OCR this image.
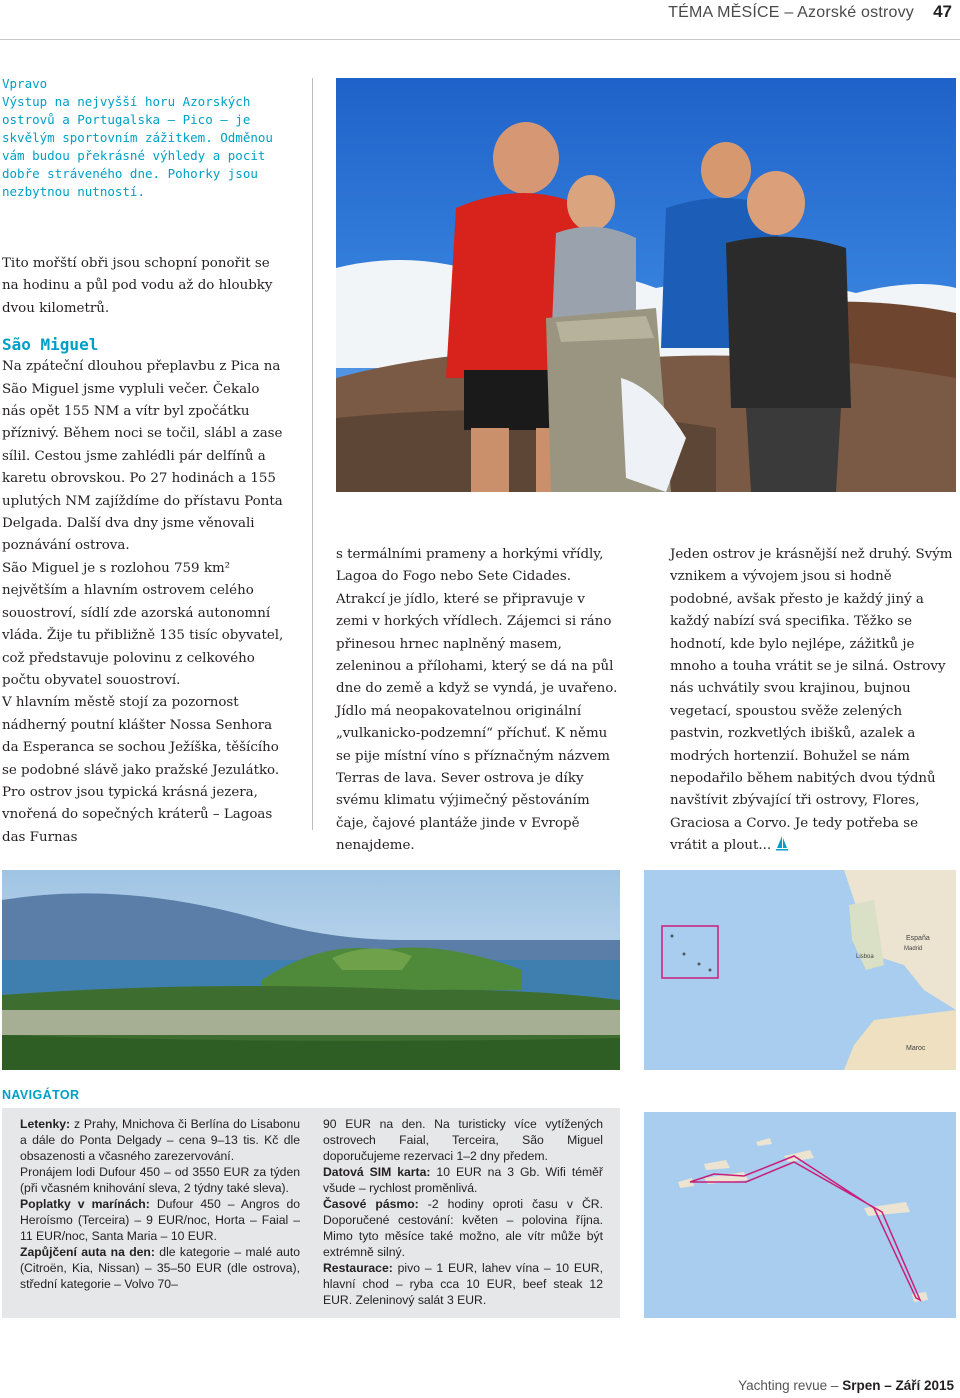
TÉMA MĚSÍCE – Azorské ostrovy 47
Vpravo
Výstup na nejvyšší horu Azorských ostrovů a Portugalska – Pico – je skvělým sportovním zážitkem. Odměnou vám budou překrásné výhledy a pocit dobře stráveného dne. Pohorky jsou nezbytnou nutností.

Tito mořští obři jsou schopní ponořit se na hodinu a půl pod vodu až do hloubky dvou kilometrů.

São Miguel

Na zpáteční dlouhou přeplavbu z Pica na São Miguel jsme vypluli večer. Čekalo nás opět 155 NM a vítr byl zpočátku příznivý. Během noci se točil, slábl a zase sílil. Cestou jsme zahlédli pár delfínů a karetu obrovskou. Po 27 hodinách a 155 uplutých NM zajíždíme do přístavu Ponta Delgada. Další dva dny jsme věnovali poznávání ostrova.

São Miguel je s rozlohou 759 km² největším a hlavním ostrovem celého souostroví, sídlí zde azorská autonomní vláda. Žije tu přibližně 135 tisíc obyvatel, což představuje polovinu z celkového počtu obyvatel souostroví.

V hlavním městě stojí za pozornost nádherný poutní klášter Nossa Senhora da Esperanca se sochou Ježíška, těšícího se podobné slávě jako pražské Jezulátko. Pro ostrov jsou typická krásná jezera, vnořená do sopečných kráterů – Lagoas das Furnas

s termálními prameny a horkými vřídly, Lagoa do Fogo nebo Sete Cidades. Atrakcí je jídlo, které se připravuje v zemi v horkých vřídlech. Zájemci si ráno přinesou hrnec naplněný masem, zeleninou a přílohami, který se dá na půl dne do země a když se vyndá, je uvařeno. Jídlo má neopakovatelnou originální „vulkanicko-podzemní“ příchuť. K němu se pije místní víno s příznačným názvem Terras de lava. Sever ostrova je díky svému klimatu výjimečný pěstováním čaje, čajové plantáže jinde v Evropě nenajdeme.

Jeden ostrov je krásnější než druhý. Svým vznikem a vývojem jsou si hodně podobné, avšak přesto je každý jiný a každý nabízí svá specifika. Těžko se hodnotí, kde bylo nejlépe, zážitků je mnoho a touha vrátit se je silná. Ostrovy nás uchvátily svou krajinou, bujnou vegetací, spoustou svěže zelených pastvin, rozkvetlých ibišků, azalek a modrých hortenzií. Bohužel se nám nepodařilo během nabitých dvou týdnů navštívit zbývající tři ostrovy, Flores, Graciosa a Corvo. Je tedy potřeba se vrátit a plout...

España
Madrid
Lisboa
Maroc
NAVIGÁTOR

Letenky: z Prahy, Mnichova či Berlína do Lisabonu a dále do Ponta Delgady – cena 9–13 tis. Kč dle obsazenosti a včasného zarezervování.

Pronájem lodi Dufour 450 – od 3550 EUR za týden (při včasném knihování sleva, 2 týdny také sleva).

Poplatky v marínách: Dufour 450 – Angros do Heroísmo (Terceira) – 9 EUR/noc, Horta – Faial – 11 EUR/noc, Santa Maria – 10 EUR.

Zapůjčení auta na den: dle kategorie – malé auto (Citroën, Kia, Nissan) – 35–50 EUR (dle ostrova), střední kategorie – Volvo 70–

90 EUR na den. Na turisticky více vytížených ostrovech Faial, Terceira, São Miguel doporučujeme rezervaci 1–2 dny předem.

Datová SIM karta: 10 EUR na 3 Gb. Wifi téměř všude – rychlost proměnlivá.

Časové pásmo: -2 hodiny oproti času v ČR. Doporučené cestování: květen – polovina října. Mimo tyto měsíce také možno, ale vítr může být extrémně silný.

Restaurace: pivo – 1 EUR, lahev vína – 10 EUR, hlavní chod – ryba cca 10 EUR, beef steak 12 EUR. Zeleninový salát 3 EUR.

Yachting revue – Srpen – Září 2015
